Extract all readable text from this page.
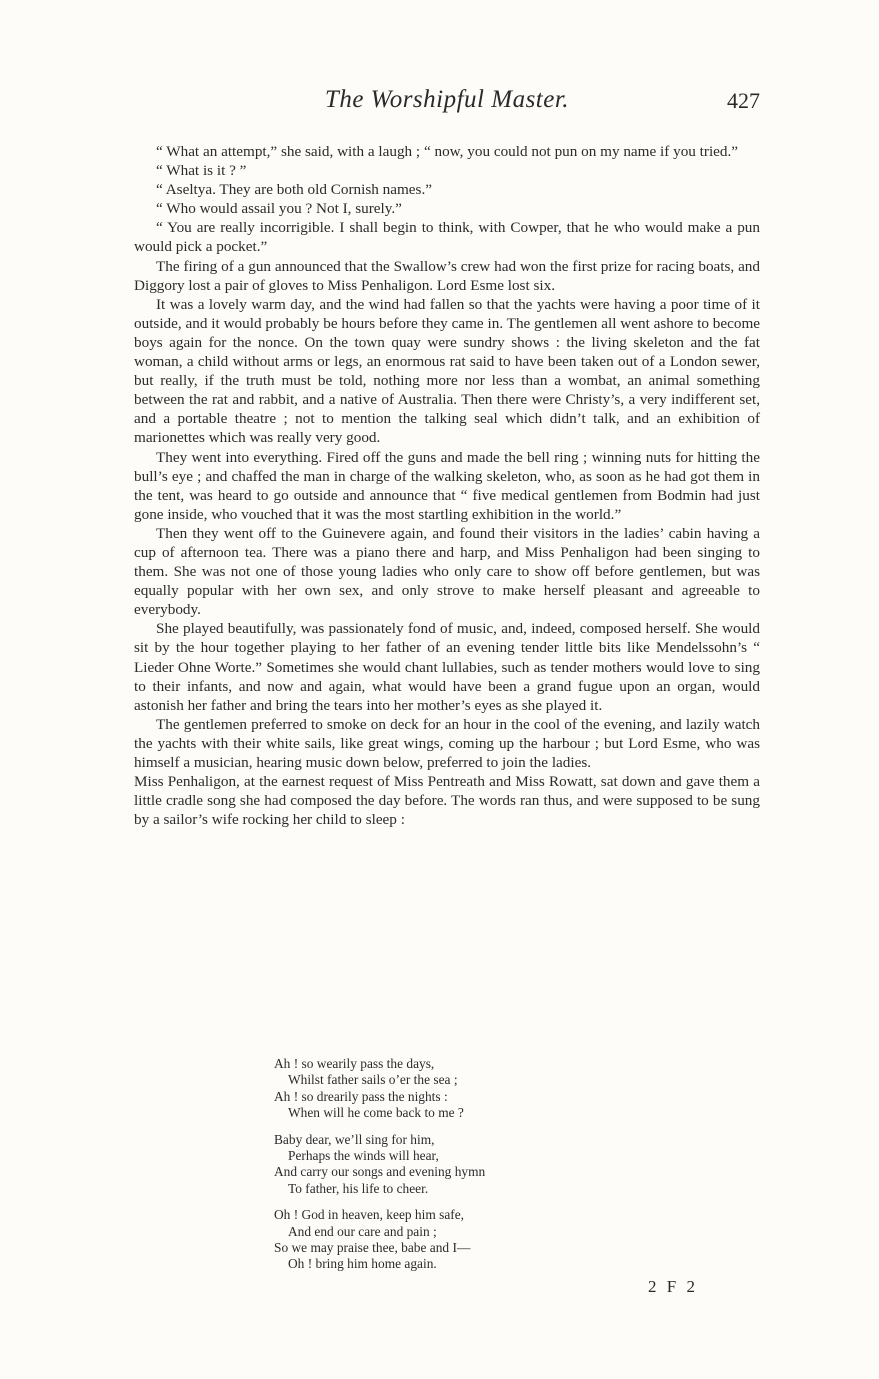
The Worshipful Master.	427

“ What an attempt,” she said, with a laugh ; “ now, you could not pun on my name if you tried.”

“ What is it ? ”

“ Aseltya. They are both old Cornish names.”

“ Who would assail you ? Not I, surely.”

“ You are really incorrigible. I shall begin to think, with Cowper, that he who would make a pun would pick a pocket.”

The firing of a gun announced that the Swallow’s crew had won the first prize for racing boats, and Diggory lost a pair of gloves to Miss Penhaligon. Lord Esme lost six.

It was a lovely warm day, and the wind had fallen so that the yachts were having a poor time of it outside, and it would probably be hours before they came in. The gentlemen all went ashore to become boys again for the nonce. On the town quay were sundry shows : the living skeleton and the fat woman, a child without arms or legs, an enormous rat said to have been taken out of a London sewer, but really, if the truth must be told, nothing more nor less than a wombat, an animal something between the rat and rabbit, and a native of Australia. Then there were Christy’s, a very indifferent set, and a portable theatre ; not to mention the talking seal which didn’t talk, and an exhibition of marionettes which was really very good.

They went into everything. Fired off the guns and made the bell ring ; winning nuts for hitting the bull’s eye ; and chaffed the man in charge of the walking skeleton, who, as soon as he had got them in the tent, was heard to go outside and announce that “ five medical gentlemen from Bodmin had just gone inside, who vouched that it was the most startling exhibition in the world.”

Then they went off to the Guinevere again, and found their visitors in the ladies’ cabin having a cup of afternoon tea. There was a piano there and harp, and Miss Penhaligon had been singing to them. She was not one of those young ladies who only care to show off before gentlemen, but was equally popular with her own sex, and only strove to make herself pleasant and agreeable to everybody.

She played beautifully, was passionately fond of music, and, indeed, composed herself. She would sit by the hour together playing to her father of an evening tender little bits like Mendelssohn’s “ Lieder Ohne Worte.” Sometimes she would chant lullabies, such as tender mothers would love to sing to their infants, and now and again, what would have been a grand fugue upon an organ, would astonish her father and bring the tears into her mother’s eyes as she played it.

The gentlemen preferred to smoke on deck for an hour in the cool of the evening, and lazily watch the yachts with their white sails, like great wings, coming up the harbour ; but Lord Esme, who was himself a musician, hearing music down below, preferred to join the ladies.

Miss Penhaligon, at the earnest request of Miss Pentreath and Miss Rowatt, sat down and gave them a little cradle song she had composed the day before. The words ran thus, and were supposed to be sung by a sailor’s wife rocking her child to sleep :

Ah ! so wearily pass the days,
Whilst father sails o’er the sea ;
Ah ! so drearily pass the nights :
When will he come back to me ?
Baby dear, we’ll sing for him,
Perhaps the winds will hear,
And carry our songs and evening hymn
To father, his life to cheer.
Oh ! God in heaven, keep him safe,
And end our care and pain ;
So we may praise thee, babe and I—
Oh ! bring him home again.
2 F 2
